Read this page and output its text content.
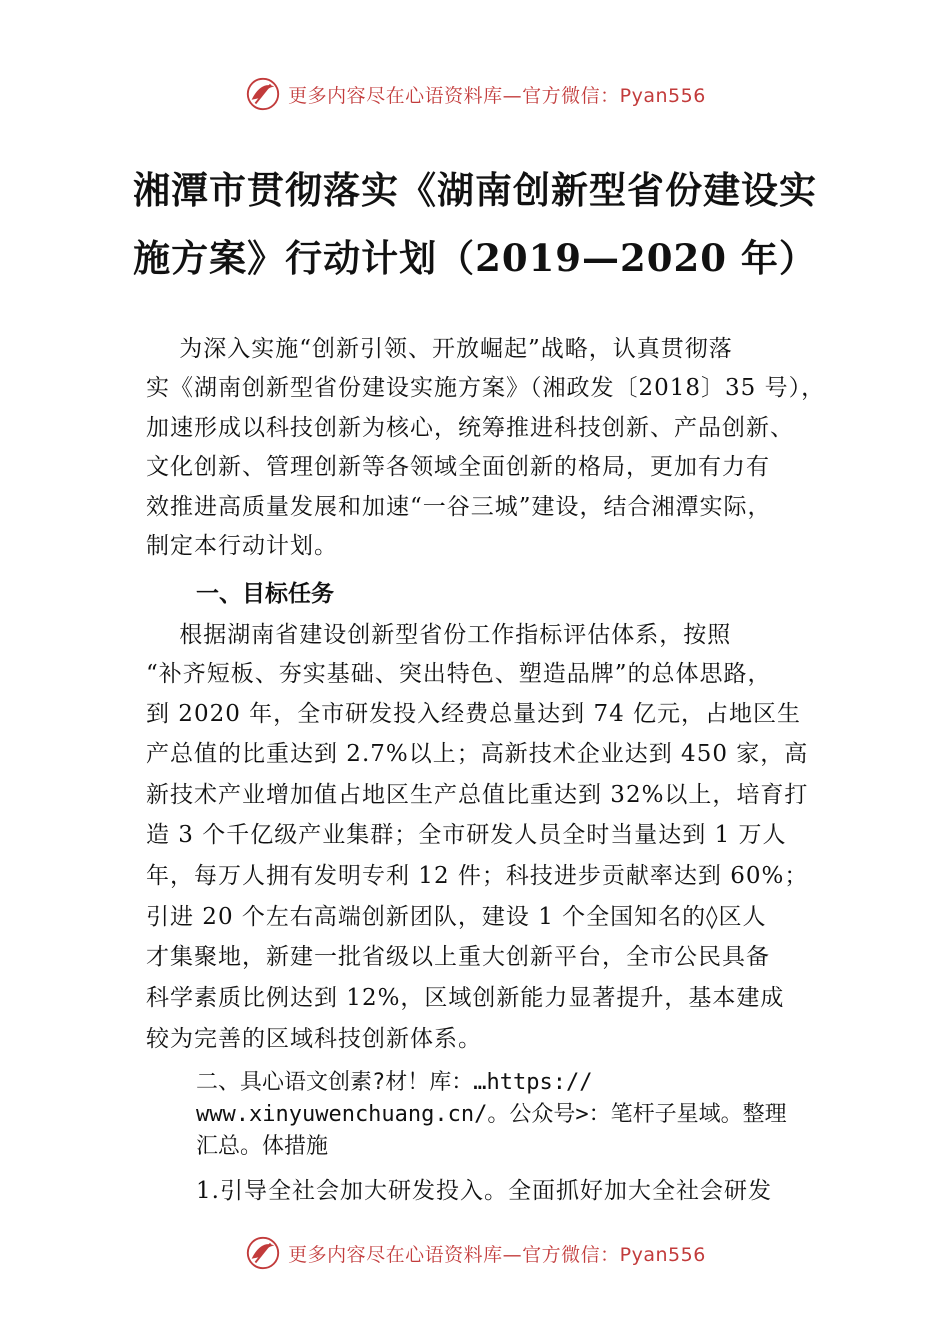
更多内容尽在心语资料库—官方微信：Pyan556
湘潭市贯彻落实《湖南创新型省份建设实
施方案》行动计划（2019—2020 年）
为深入实施“创新引领、开放崛起”战略，认真贯彻落
实《湖南创新型省份建设实施方案》（湘政发〔2018〕35 号），
加速形成以科技创新为核心，统筹推进科技创新、产品创新、
文化创新、管理创新等各领域全面创新的格局，更加有力有
效推进高质量发展和加速“一谷三城”建设，结合湘潭实际，
制定本行动计划。
一、目标任务
根据湖南省建设创新型省份工作指标评估体系，按照
“补齐短板、夯实基础、突出特色、塑造品牌”的总体思路，
到 2020 年，全市研发投入经费总量达到 74 亿元，占地区生
产总值的比重达到 2.7%以上；高新技术企业达到 450 家，高
新技术产业增加值占地区生产总值比重达到 32%以上，培育打
造 3 个千亿级产业集群；全市研发人员全时当量达到 1 万人
年，每万人拥有发明专利 12 件；科技进步贡献率达到 60%；
引进 20 个左右高端创新团队，建设 1 个全国知名的◊区人
才集聚地，新建一批省级以上重大创新平台，全市公民具备
科学素质比例达到 12%，区域创新能力显著提升，基本建成
较为完善的区域科技创新体系。
二、具心语文创素?材！库：…https://
www.xinyuwenchuang.cn/。公众号>：笔杆子星域。整理
汇总。体措施
1.引导全社会加大研发投入。全面抓好加大全社会研发
更多内容尽在心语资料库—官方微信：Pyan556
